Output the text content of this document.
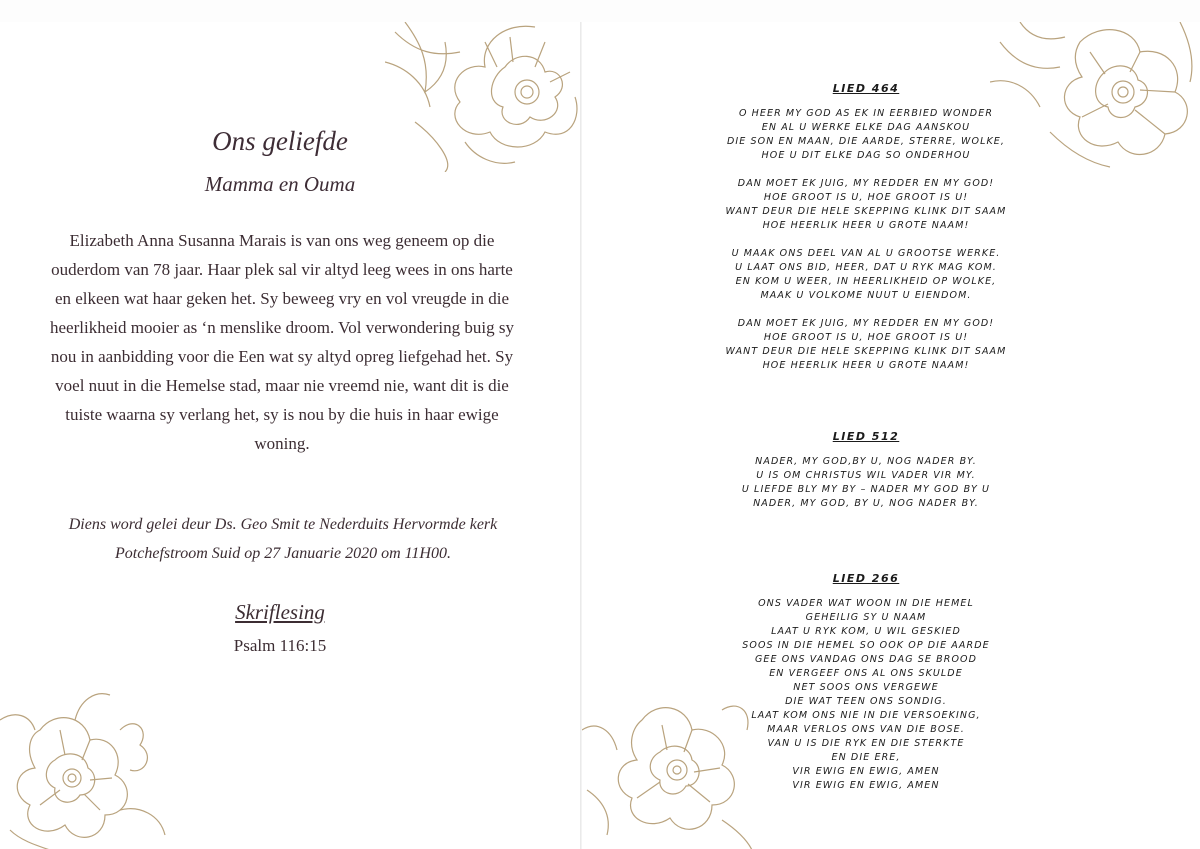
Ons geliefde
Mamma en Ouma
Elizabeth Anna Susanna Marais is van ons weg geneem op die
ouderdom van 78 jaar. Haar plek sal vir altyd leeg wees in ons harte
en elkeen wat haar geken het. Sy beweeg vry en vol vreugde in die
heerlikheid mooier as ‘n menslike droom. Vol verwondering buig sy
nou in aanbidding voor die Een wat sy altyd opreg liefgehad het. Sy
voel nuut in die Hemelse stad, maar nie vreemd nie, want dit is die
tuiste waarna sy verlang het, sy is nou by die huis in haar ewige
woning.
Diens word gelei deur Ds. Geo Smit te Nederduits Hervormde kerk
Potchefstroom Suid op 27 Januarie 2020 om 11H00.
Skriflesing
Psalm 116:15
LIED 464
O HEER MY GOD AS EK IN EERBIED WONDER
EN AL U WERKE ELKE DAG AANSKOU
DIE SON EN MAAN, DIE AARDE, STERRE, WOLKE,
HOE U DIT ELKE DAG SO ONDERHOU
DAN MOET EK JUIG, MY REDDER EN MY GOD!
HOE GROOT IS U, HOE GROOT IS U!
WANT DEUR DIE HELE SKEPPING KLINK DIT SAAM
HOE HEERLIK HEER U GROTE NAAM!
U MAAK ONS DEEL VAN AL U GROOTSE WERKE.
U LAAT ONS BID, HEER, DAT U RYK MAG KOM.
EN KOM U WEER, IN HEERLIKHEID OP WOLKE,
MAAK U VOLKOME NUUT U EIENDOM.
DAN MOET EK JUIG, MY REDDER EN MY GOD!
HOE GROOT IS U, HOE GROOT IS U!
WANT DEUR DIE HELE SKEPPING KLINK DIT SAAM
HOE HEERLIK HEER U GROTE NAAM!
LIED 512
NADER, MY GOD,BY U, NOG NADER BY.
U IS OM CHRISTUS WIL VADER VIR MY.
U LIEFDE BLY MY BY – NADER MY GOD BY U
NADER, MY GOD, BY U, NOG NADER BY.
LIED 266
ONS VADER WAT WOON IN DIE HEMEL
GEHEILIG SY U NAAM
LAAT U RYK KOM, U WIL GESKIED
SOOS IN DIE HEMEL SO OOK OP DIE AARDE
GEE ONS VANDAG ONS DAG SE BROOD
EN VERGEEF ONS AL ONS SKULDE
NET SOOS ONS VERGEWE
DIE WAT TEEN ONS SONDIG.
LAAT KOM ONS NIE IN DIE VERSOEKING,
MAAR VERLOS ONS VAN DIE BOSE.
VAN U IS DIE RYK EN DIE STERKTE
EN DIE ERE,
VIR EWIG EN EWIG, AMEN
VIR EWIG EN EWIG, AMEN
